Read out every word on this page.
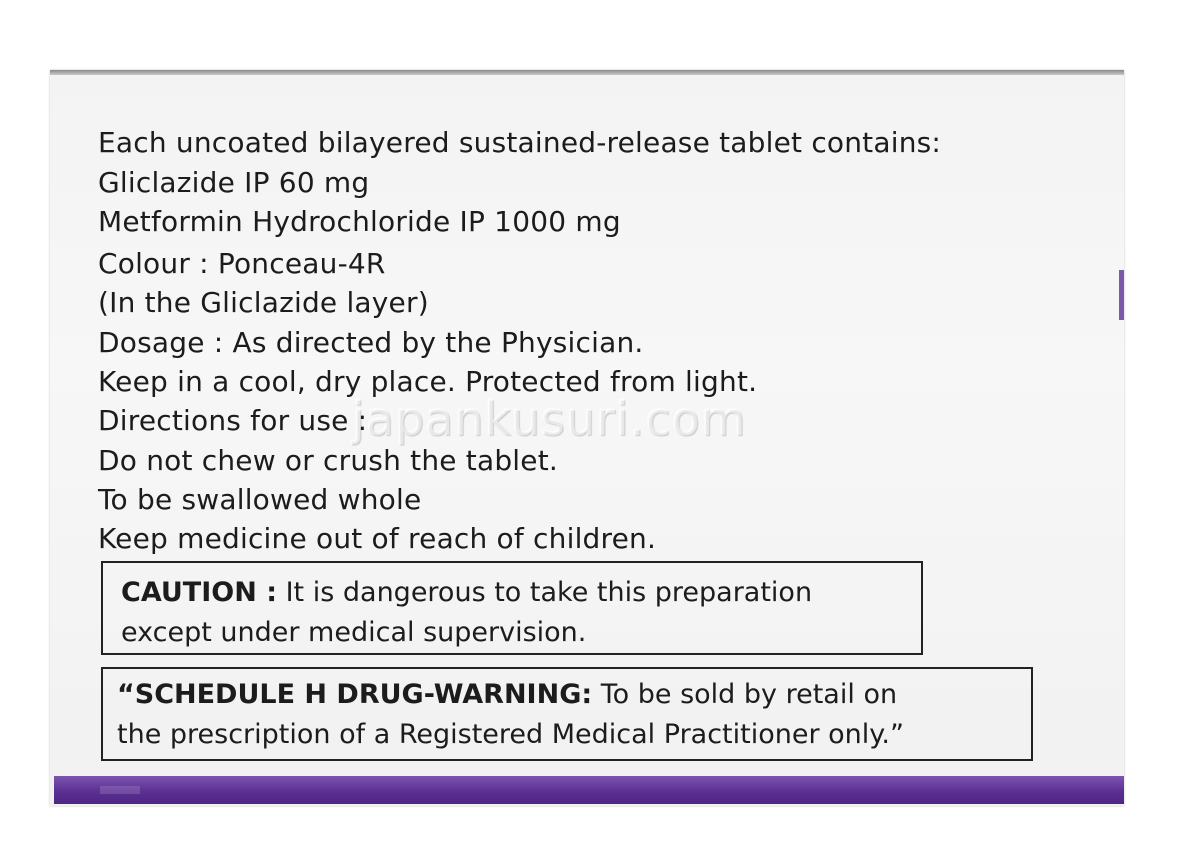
Each uncoated bilayered sustained-release tablet contains:
Gliclazide IP 60 mg
Metformin Hydrochloride IP 1000 mg
Colour : Ponceau-4R
(In the Gliclazide layer)
Dosage : As directed by the Physician.
Keep in a cool, dry place. Protected from light.
Directions for use :
Do not chew or crush the tablet.
To be swallowed whole
Keep medicine out of reach of children.
CAUTION : It is dangerous to take this preparation
except under medical supervision.
“SCHEDULE H DRUG-WARNING: To be sold by retail on
the prescription of a Registered Medical Practitioner only.”
japankusuri.com
